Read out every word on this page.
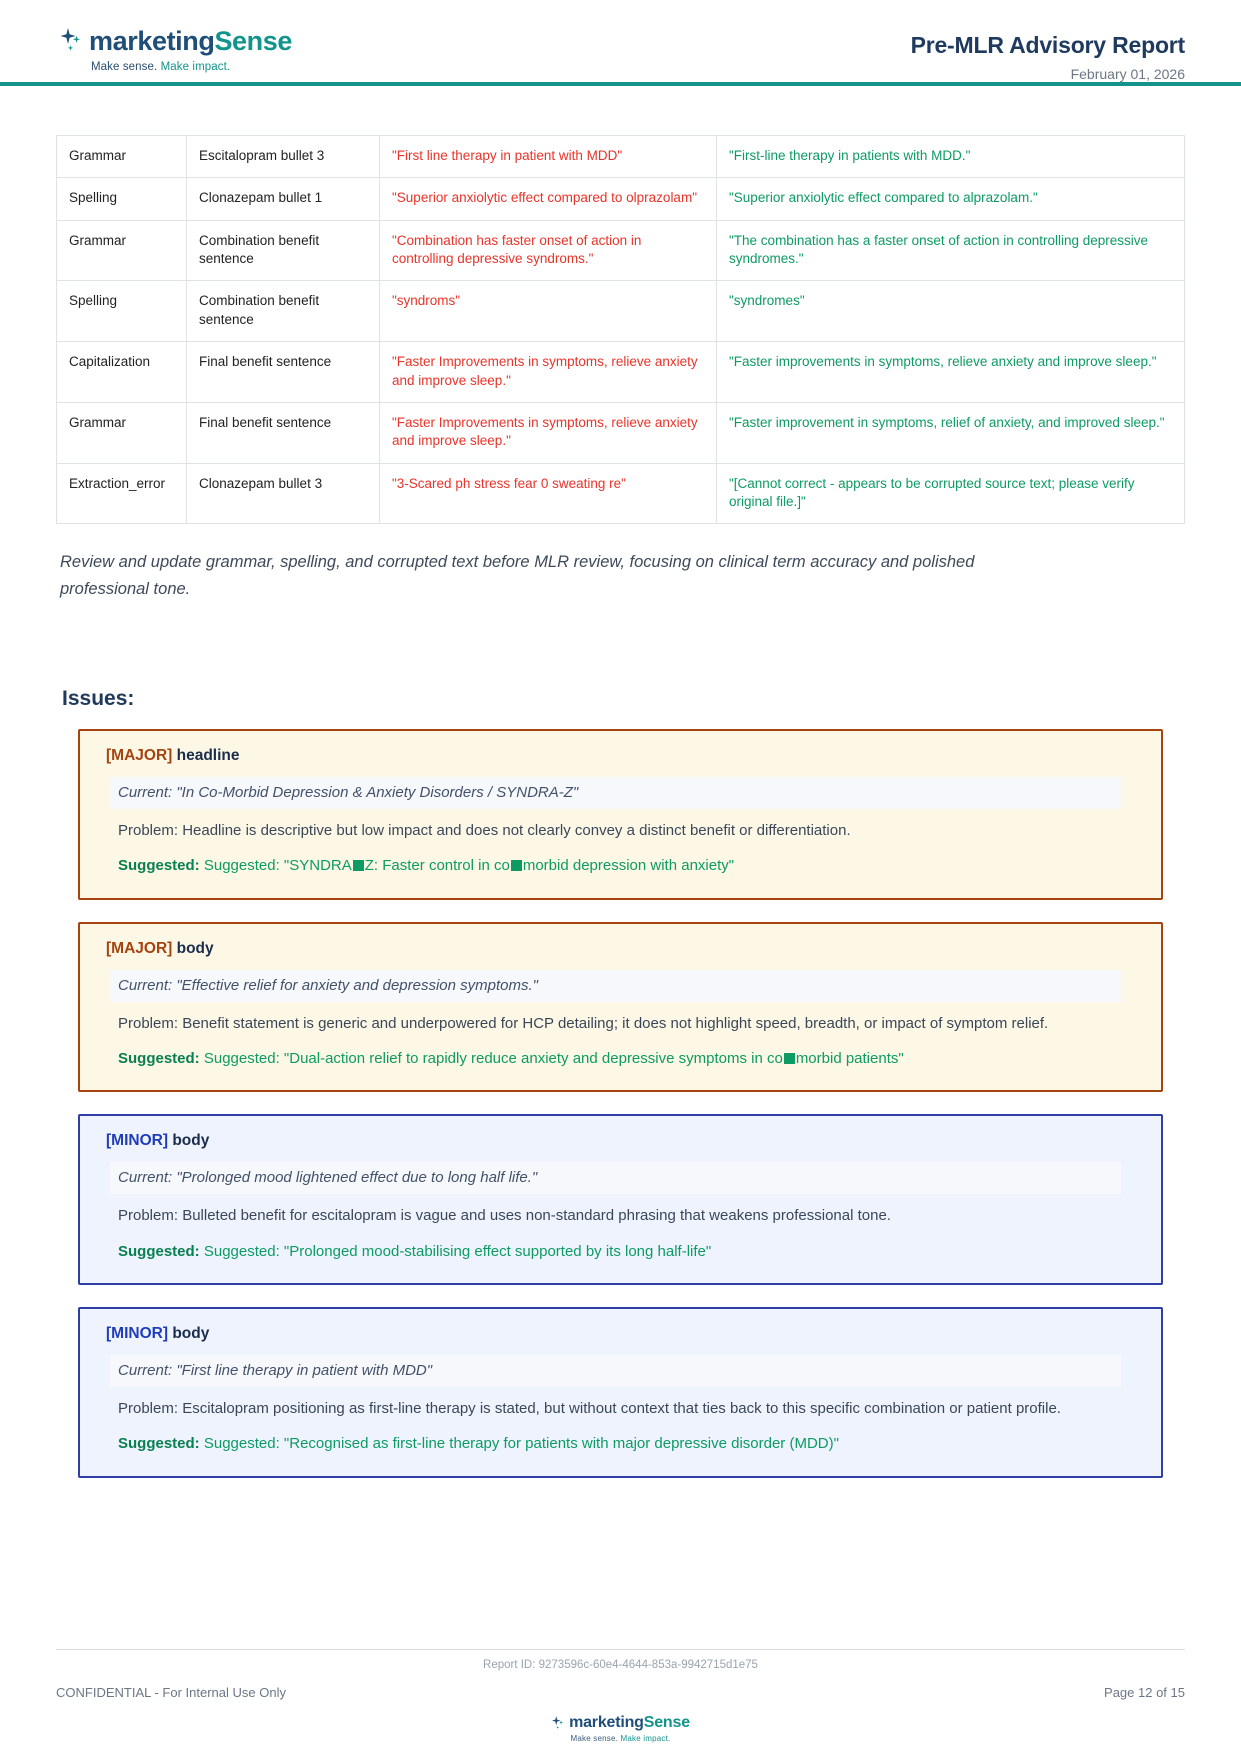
marketingSense
Make sense. Make impact.
Pre-MLR Advisory Report
February 01, 2026
Grammar	Escitalopram bullet 3	"First line therapy in patient with MDD"	"First-line therapy in patients with MDD."
Spelling	Clonazepam bullet 1	"Superior anxiolytic effect compared to olprazolam"	"Superior anxiolytic effect compared to alprazolam."
Grammar	Combination benefit sentence	"Combination has faster onset of action in controlling depressive syndroms."	"The combination has a faster onset of action in controlling depressive syndromes."
Spelling	Combination benefit sentence	"syndroms"	"syndromes"
Capitalization	Final benefit sentence	"Faster Improvements in symptoms, relieve anxiety and improve sleep."	"Faster improvements in symptoms, relieve anxiety and improve sleep."
Grammar	Final benefit sentence	"Faster Improvements in symptoms, relieve anxiety and improve sleep."	"Faster improvement in symptoms, relief of anxiety, and improved sleep."
Extraction_error	Clonazepam bullet 3	"3-Scared ph stress fear 0 sweating re"	"[Cannot correct - appears to be corrupted source text; please verify original file.]"
Review and update grammar, spelling, and corrupted text before MLR review, focusing on clinical term accuracy and polished professional tone.
Issues:
[MAJOR] headline
Current: "In Co-Morbid Depression & Anxiety Disorders / SYNDRA-Z"
Problem: Headline is descriptive but low impact and does not clearly convey a distinct benefit or differentiation.
Suggested: Suggested: "SYNDRA Z: Faster control in co morbid depression with anxiety"
[MAJOR] body
Current: "Effective relief for anxiety and depression symptoms."
Problem: Benefit statement is generic and underpowered for HCP detailing; it does not highlight speed, breadth, or impact of symptom relief.
Suggested: Suggested: "Dual-action relief to rapidly reduce anxiety and depressive symptoms in co morbid patients"
[MINOR] body
Current: "Prolonged mood lightened effect due to long half life."
Problem: Bulleted benefit for escitalopram is vague and uses non-standard phrasing that weakens professional tone.
Suggested: Suggested: "Prolonged mood-stabilising effect supported by its long half-life"
[MINOR] body
Current: "First line therapy in patient with MDD"
Problem: Escitalopram positioning as first-line therapy is stated, but without context that ties back to this specific combination or patient profile.
Suggested: Suggested: "Recognised as first-line therapy for patients with major depressive disorder (MDD)"
Report ID: 9273596c-60e4-4644-853a-9942715d1e75
CONFIDENTIAL - For Internal Use Only	Page 12 of 15
marketingSense
Make sense. Make impact.
